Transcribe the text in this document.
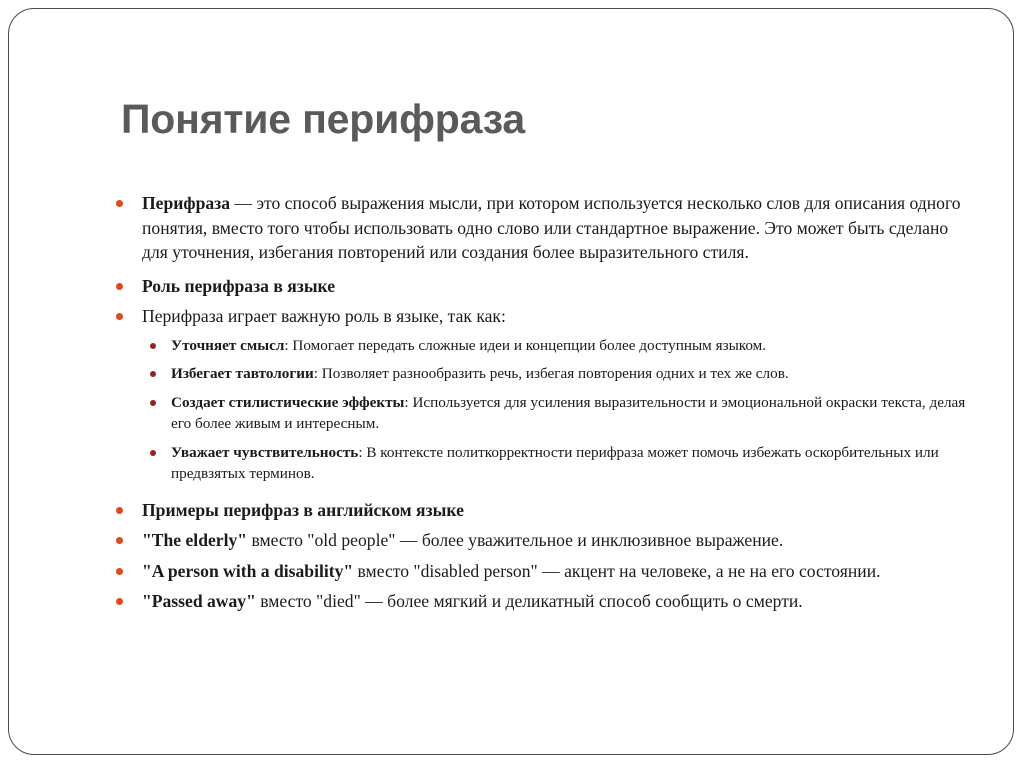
Понятие перифраза

Перифраза — это способ выражения мысли, при котором используется несколько слов для описания одного понятия, вместо того чтобы использовать одно слово или стандартное выражение. Это может быть сделано для уточнения, избегания повторений или создания более выразительного стиля.

Роль перифраза в языке

Перифраза играет важную роль в языке, так как:

Уточняет смысл: Помогает передать сложные идеи и концепции более доступным языком.

Избегает тавтологии: Позволяет разнообразить речь, избегая повторения одних и тех же слов.

Создает стилистические эффекты: Используется для усиления выразительности и эмоциональной окраски текста, делая его более живым и интересным.

Уважает чувствительность: В контексте политкорректности перифраза может помочь избежать оскорбительных или предвзятых терминов.

Примеры перифраз в английском языке

"The elderly" вместо "old people" — более уважительное и инклюзивное выражение.

"A person with a disability" вместо "disabled person" — акцент на человеке, а не на его состоянии.

"Passed away" вместо "died" — более мягкий и деликатный способ сообщить о смерти.
